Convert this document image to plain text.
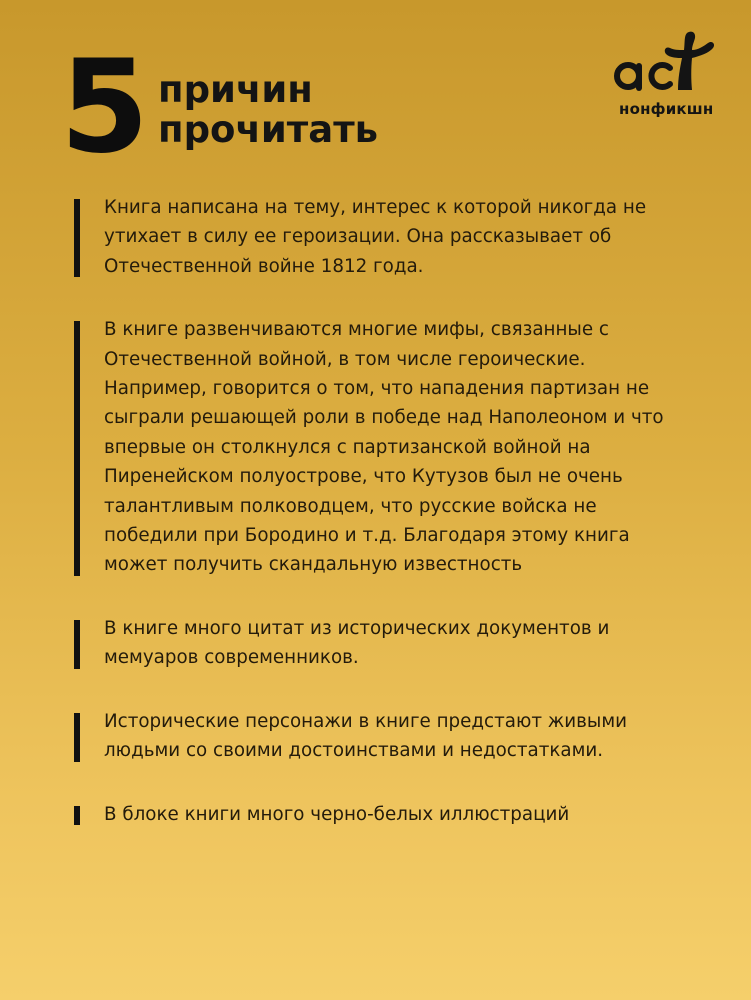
5 причин
прочитать	нонфикшн
Книга написана на тему, интерес к которой никогда не утихает в силу ее героизации. Она рассказывает об Отечественной войне 1812 года.
В книге развенчиваются многие мифы, связанные с Отечественной войной, в том числе героические. Например, говорится о том, что нападения партизан не сыграли решающей роли в победе над Наполеоном и что впервые он столкнулся с партизанской войной на Пиренейском полуострове, что Кутузов был не очень талантливым полководцем, что русские войска не победили при Бородино и т.д. Благодаря этому книга может получить скандальную известность
В книге много цитат из исторических документов и мемуаров современников.
Исторические персонажи в книге предстают живыми людьми со своими достоинствами и недостатками.
В блоке книги много черно-белых иллюстраций
